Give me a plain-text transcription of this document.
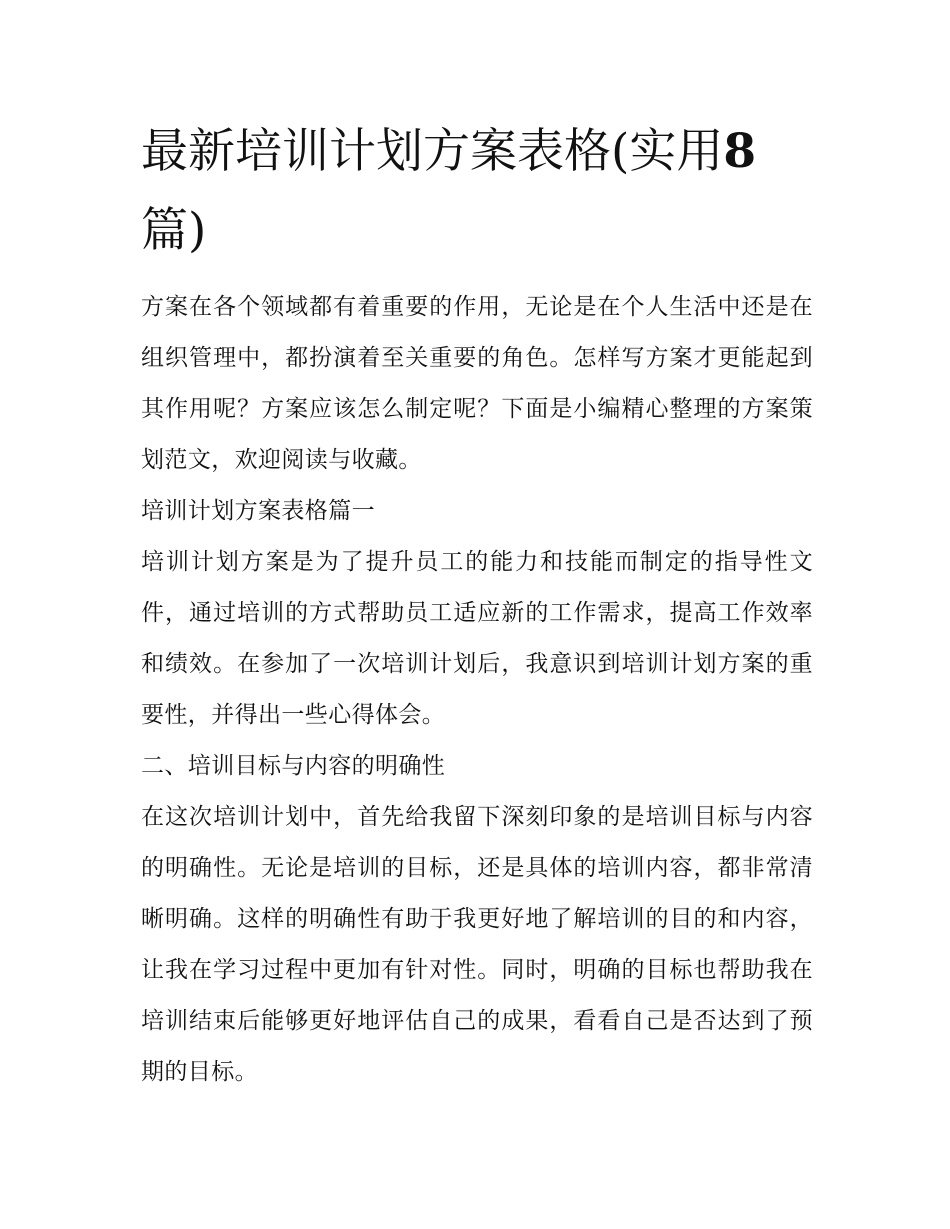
最新培训计划方案表格(实用8
篇)

方案在各个领域都有着重要的作用，无论是在个人生活中还是在组织管理中，都扮演着至关重要的角色。怎样写方案才更能起到其作用呢？方案应该怎么制定呢？下面是小编精心整理的方案策划范文，欢迎阅读与收藏。

培训计划方案表格篇一

培训计划方案是为了提升员工的能力和技能而制定的指导性文件，通过培训的方式帮助员工适应新的工作需求，提高工作效率和绩效。在参加了一次培训计划后，我意识到培训计划方案的重要性，并得出一些心得体会。

二、培训目标与内容的明确性

在这次培训计划中，首先给我留下深刻印象的是培训目标与内容的明确性。无论是培训的目标，还是具体的培训内容，都非常清晰明确。这样的明确性有助于我更好地了解培训的目的和内容，让我在学习过程中更加有针对性。同时，明确的目标也帮助我在培训结束后能够更好地评估自己的成果，看看自己是否达到了预期的目标。
